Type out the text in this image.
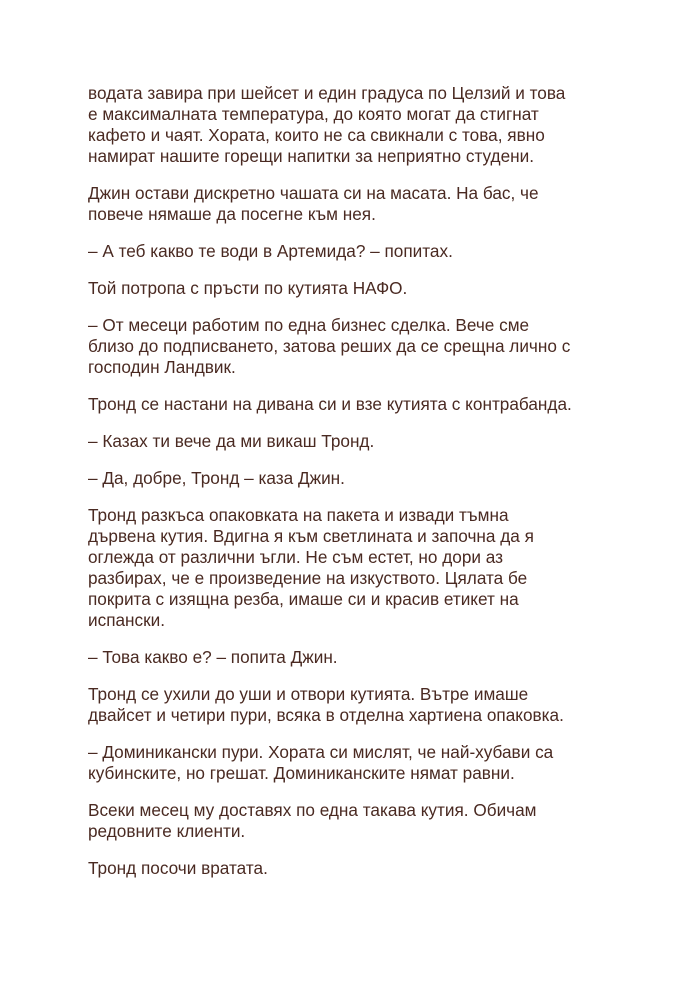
водата завира при шейсет и един градуса по Целзий и това
е максималната температура, до която могат да стигнат
кафето и чаят. Хората, които не са свикнали с това, явно
намират нашите горещи напитки за неприятно студени.

Джин остави дискретно чашата си на масата. На бас, че
повече нямаше да посегне към нея.

– А теб какво те води в Артемида? – попитах.

Той потропа с пръсти по кутията НАФО.

– От месеци работим по една бизнес сделка. Вече сме
близо до подписването, затова реших да се срещна лично с
господин Ландвик.

Тронд се настани на дивана си и взе кутията с контрабанда.

– Казах ти вече да ми викаш Тронд.

– Да, добре, Тронд – каза Джин.

Тронд разкъса опаковката на пакета и извади тъмна
дървена кутия. Вдигна я към светлината и започна да я
оглежда от различни ъгли. Не съм естет, но дори аз
разбирах, че е произведение на изкуството. Цялата бе
покрита с изящна резба, имаше си и красив етикет на
испански.

– Това какво е? – попита Джин.

Тронд се ухили до уши и отвори кутията. Вътре имаше
двайсет и четири пури, всяка в отделна хартиена опаковка.

– Доминикански пури. Хората си мислят, че най-хубави са
кубинските, но грешат. Доминиканските нямат равни.

Всеки месец му доставях по една такава кутия. Обичам
редовните клиенти.

Тронд посочи вратата.
